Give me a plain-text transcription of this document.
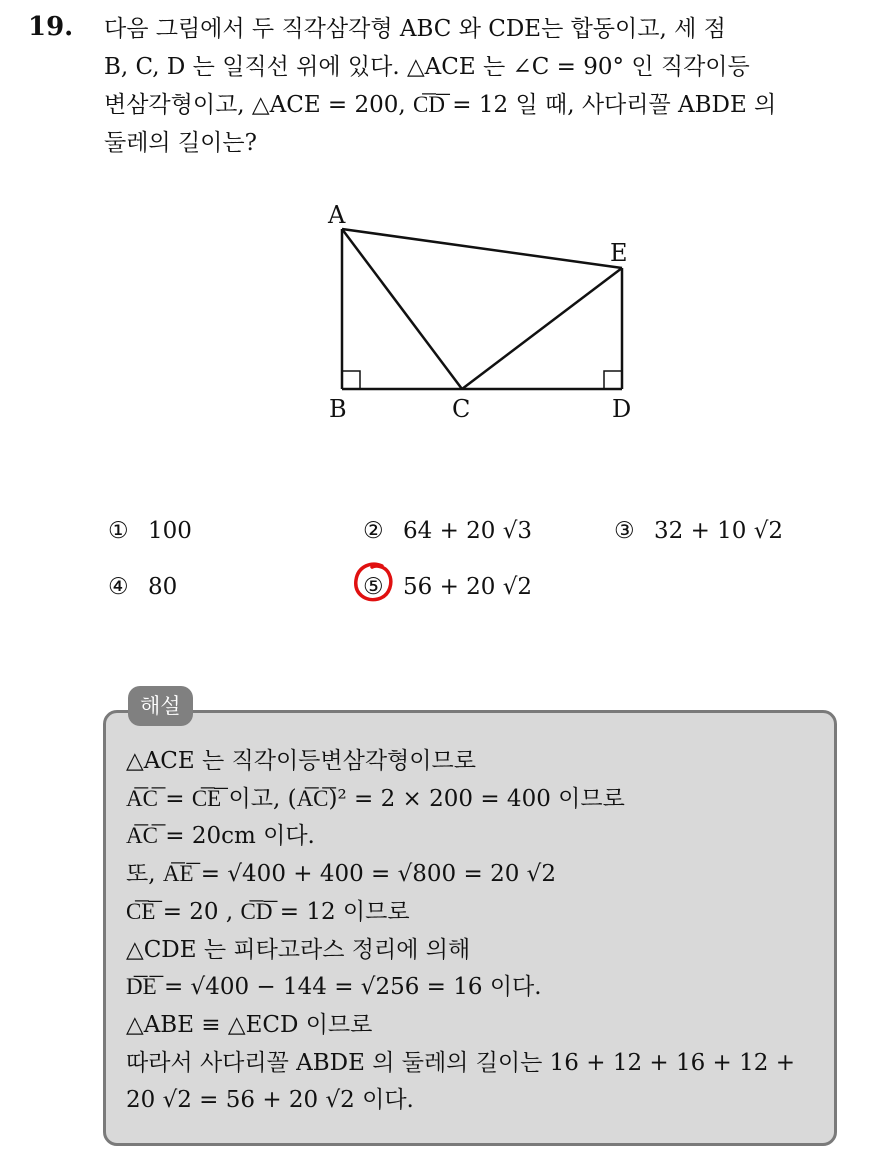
19. 다음 그림에서 두 직각삼각형 ABC 와 CDE는 합동이고, 세 점

B, C, D 는 일직선 위에 있다. △ACE 는 ∠C = 90° 인 직각이등

변삼각형이고, △ACE = 200, C͞D͞ = 12 일 때, 사다리꼴 ABDE 의

둘레의 길이는?

A
E
B	C	D
① 100	② 64 + 20 √3	③ 32 + 10 √2
④ 80	⑤ 56 + 20 √2
해설
△ACE 는 직각이등변삼각형이므로
A͞C͞ = C͞E͞ 이고, (A͞C͞)² = 2 × 200 = 400 이므로
A͞C͞ = 20cm 이다.
또, A͞E͞ = √400 + 400 = √800 = 20 √2
C͞E͞ = 20 , C͞D͞ = 12 이므로
△CDE 는 피타고라스 정리에 의해
D͞E͞ = √400 − 144 = √256 = 16 이다.
△ABE ≡ △ECD 이므로
따라서 사다리꼴 ABDE 의 둘레의 길이는 16 + 12 + 16 + 12 +
20 √2 = 56 + 20 √2 이다.
